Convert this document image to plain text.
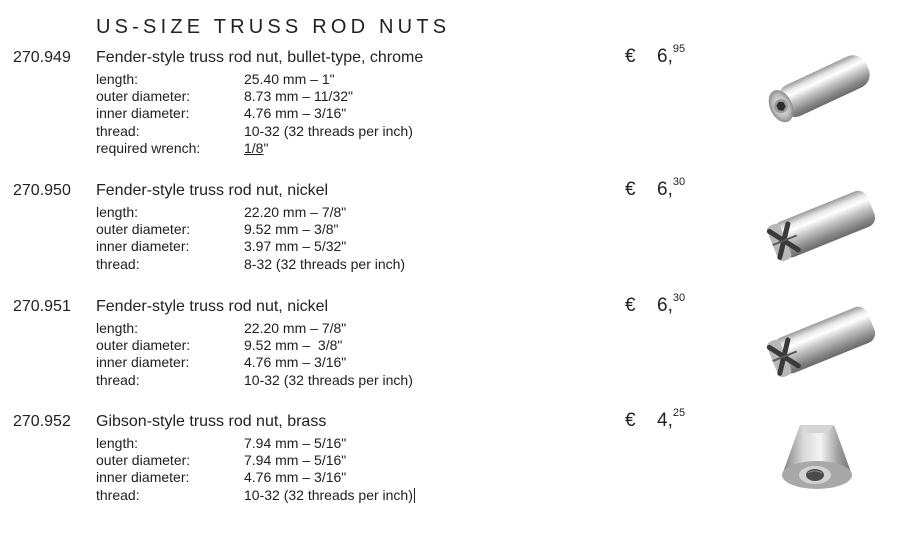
US-SIZE TRUSS ROD NUTS
270.949 Fender-style truss rod nut, bullet-type, chrome
length:	25.40 mm – 1"
outer diameter:	8.73 mm – 11/32"
inner diameter:	4.76 mm – 3/16"
thread:	10-32 (32 threads per inch)
required wrench:	1/8"
€ 6,95
270.950 Fender-style truss rod nut, nickel
length:	22.20 mm – 7/8"
outer diameter:	9.52 mm – 3/8"
inner diameter:	3.97 mm – 5/32"
thread:	8-32 (32 threads per inch)
€ 6,30
270.951 Fender-style truss rod nut, nickel
length:	22.20 mm – 7/8"
outer diameter:	9.52 mm –  3/8"
inner diameter:	4.76 mm – 3/16"
thread:	10-32 (32 threads per inch)
€ 6,30
270.952 Gibson-style truss rod nut, brass
length:	7.94 mm – 5/16"
outer diameter:	7.94 mm – 5/16"
inner diameter:	4.76 mm – 3/16"
thread:	10-32 (32 threads per inch)
€ 4,25
